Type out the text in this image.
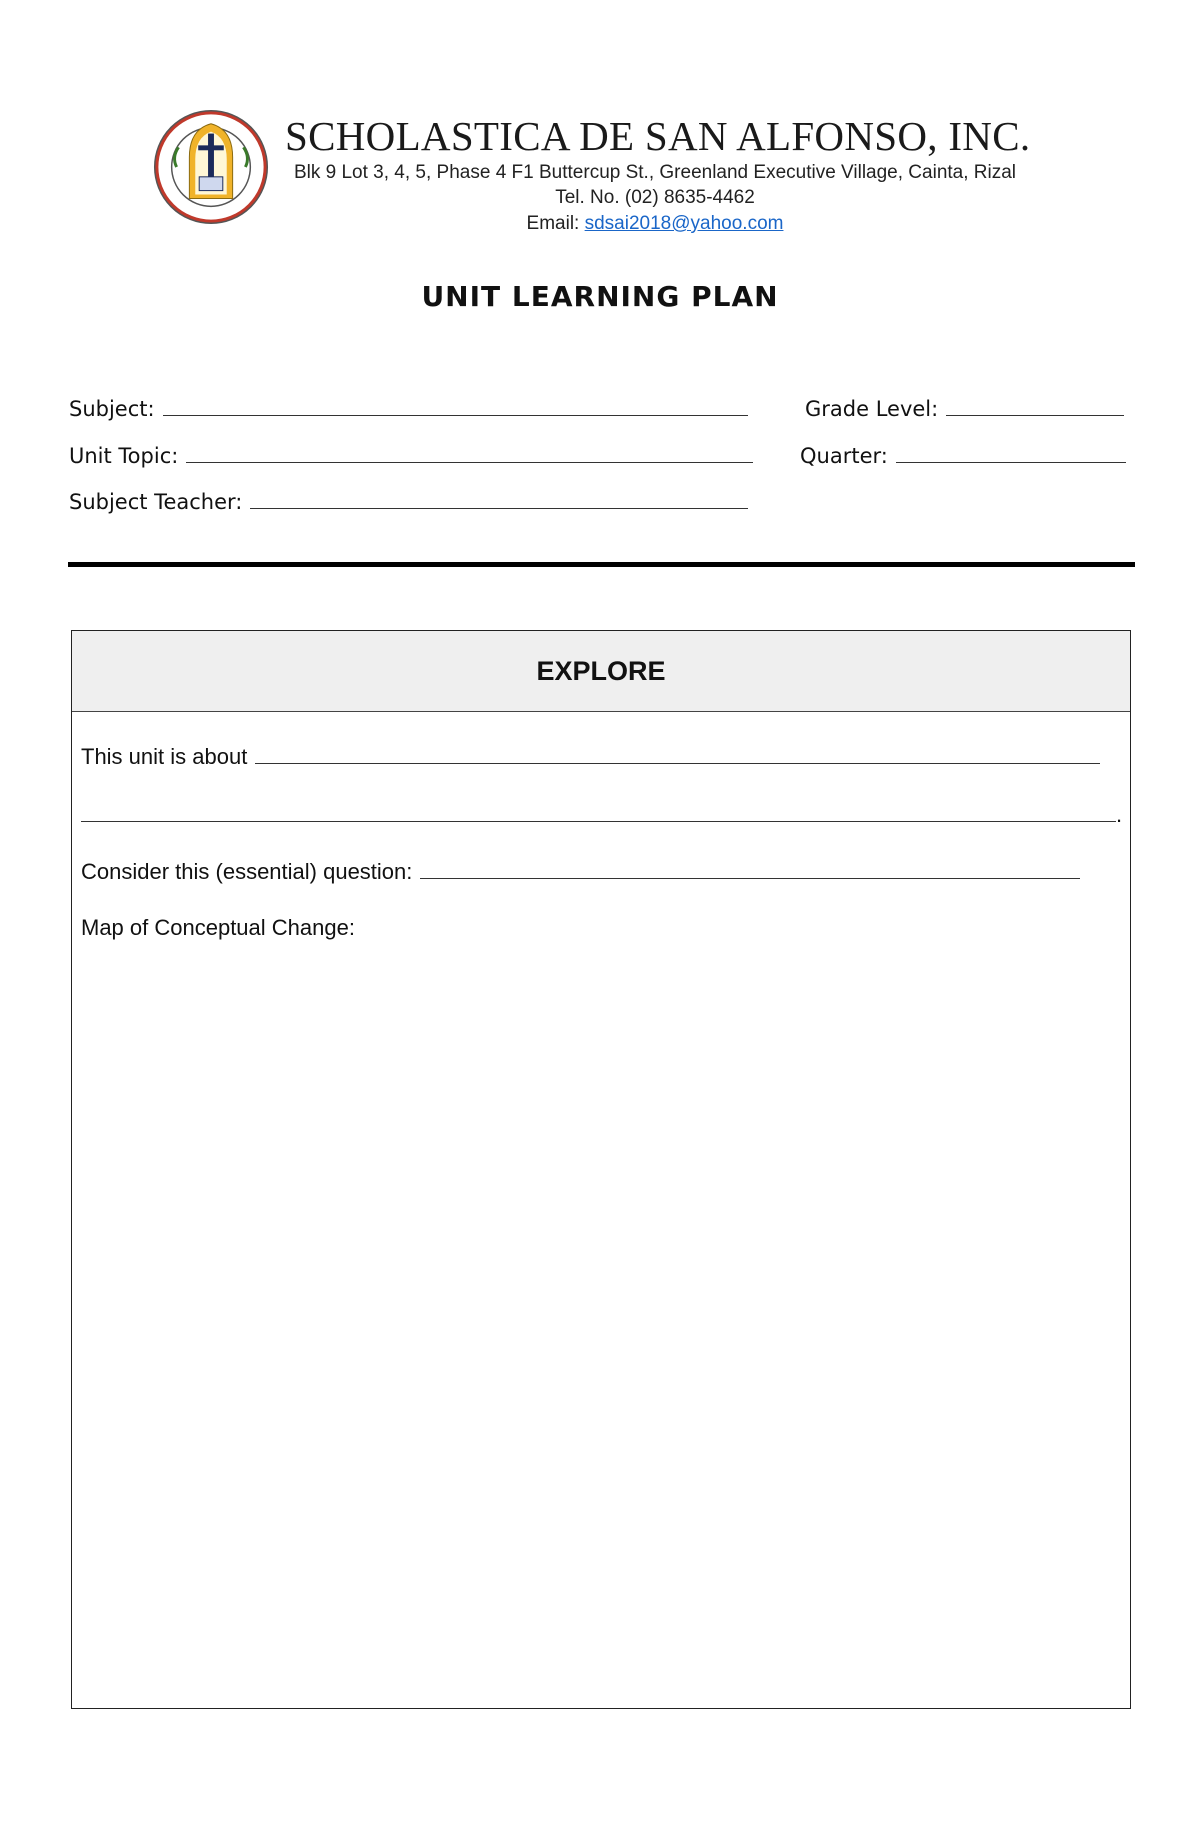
SCHOLASTICA DE SAN ALFONSO, INC.
Blk 9 Lot 3, 4, 5, Phase 4 F1 Buttercup St., Greenland Executive Village, Cainta, Rizal
Tel. No. (02) 8635-4462
Email: sdsai2018@yahoo.com
UNIT LEARNING PLAN
Subject:	Grade Level:
Unit Topic:	Quarter:
Subject Teacher:
EXPLORE
This unit is about
.
Consider this (essential) question:
Map of Conceptual Change:
